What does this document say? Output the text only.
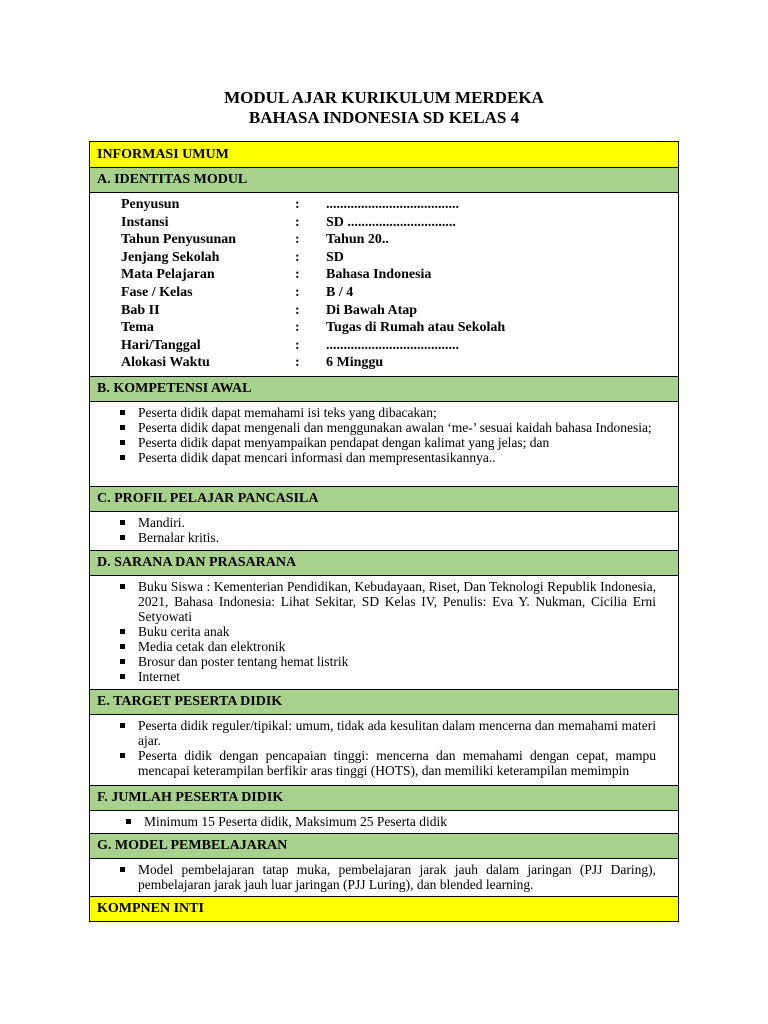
MODUL AJAR KURIKULUM MERDEKA
BAHASA INDONESIA SD KELAS 4
INFORMASI UMUM
A. IDENTITAS MODUL
Penyusun	:	......................................
Instansi	:	SD ...............................
Tahun Penyusunan	:	Tahun 20..
Jenjang Sekolah	:	SD
Mata Pelajaran	:	Bahasa Indonesia
Fase / Kelas	:	B / 4
Bab II	:	Di Bawah Atap
Tema	:	Tugas di Rumah atau Sekolah
Hari/Tanggal	:	......................................
Alokasi Waktu	:	6 Minggu
B. KOMPETENSI AWAL
Peserta didik dapat memahami isi teks yang dibacakan;
Peserta didik dapat mengenali dan menggunakan awalan ‘me-’ sesuai kaidah bahasa Indonesia;
Peserta didik dapat menyampaikan pendapat dengan kalimat yang jelas; dan
Peserta didik dapat mencari informasi dan mempresentasikannya..
C. PROFIL PELAJAR PANCASILA
Mandiri.
Bernalar kritis.
D. SARANA DAN PRASARANA
Buku Siswa : Kementerian Pendidikan, Kebudayaan, Riset, Dan Teknologi Republik Indonesia, 2021, Bahasa Indonesia: Lihat Sekitar, SD Kelas IV, Penulis: Eva Y. Nukman, Cicilia Erni Setyowati
Buku cerita anak
Media cetak dan elektronik
Brosur dan poster tentang hemat listrik
Internet
E. TARGET PESERTA DIDIK
Peserta didik reguler/tipikal: umum, tidak ada kesulitan dalam mencerna dan memahami materi ajar.
Peserta didik dengan pencapaian tinggi: mencerna dan memahami dengan cepat, mampu mencapai keterampilan berfikir aras tinggi (HOTS), dan memiliki keterampilan memimpin
F. JUMLAH PESERTA DIDIK
Minimum 15 Peserta didik, Maksimum 25 Peserta didik
G. MODEL PEMBELAJARAN
Model pembelajaran tatap muka, pembelajaran jarak jauh dalam jaringan (PJJ Daring), pembelajaran jarak jauh luar jaringan (PJJ Luring), dan blended learning.
KOMPNEN INTI
